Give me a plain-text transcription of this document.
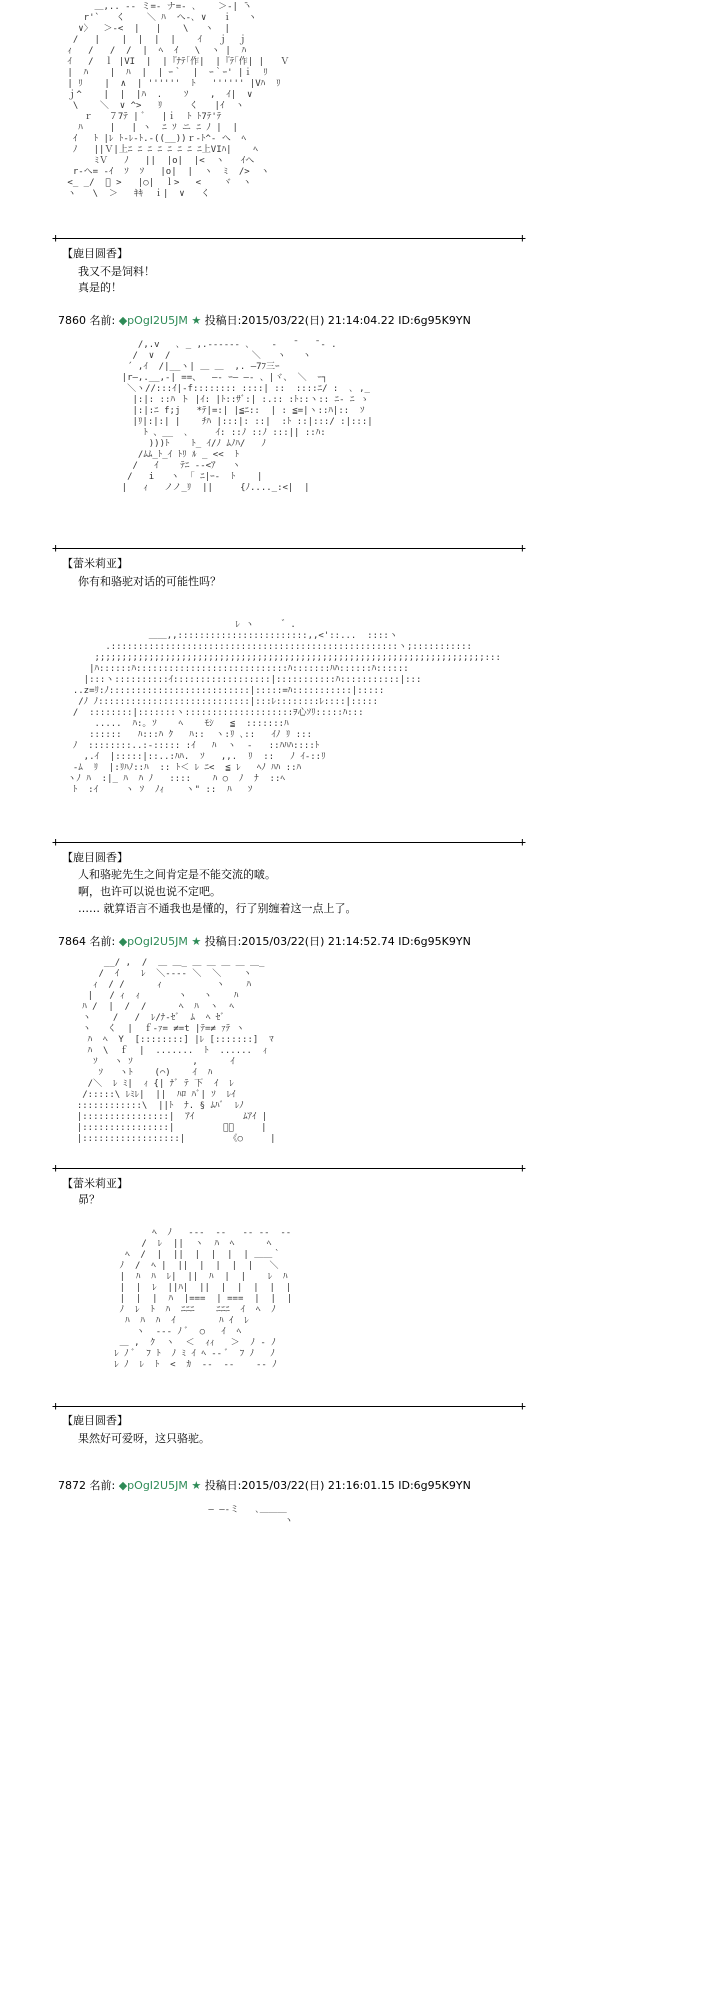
＿,.. -‐ ミ=- ナ=- ､    ＞-| ̄ヽ
r'`   く    ＼ ﾊ  へ-､ ∨   ｉ   ヽ
∨〉  ＞-<  |   |    \   ヽ  |
/   |    |  |  |  |    ｲ   ｊ  ｊ
ｨ   /   /  /  |  ﾍ  ｲ   \  ヽ |  ﾊ
ｲ   /  ｌ |VI  |  |『ﾅﾃ｢作|  |『ﾃ｢作| |   Ｖ
|  ﾊ    |  ﾊ  |  | ｰ｀  |  ｰ｀ｰ' |ｉ  ﾘ
| ﾘ    |  ∧  | ''''''  ﾄ   '''''' |Vﾊ  ﾘ
ｊ^    |  |  |ﾊ  .    ｿ    ,  ｲ|  ∨
\    ＼  ∨ ^>   ﾘ     く   |ｲ  ヽ
ｒ   ７7ﾃ | ﾞ   |ｉ  ﾄ ﾄ7ﾃ'ﾃ
ﾊ     |   | ヽ  ﾆ ｿ ニ ﾆ ﾉ |  |
ｲ   ﾄ |ﾚ ﾄ-ﾚ-ﾄ.-((__))ｒ-ﾄ^- へ  ﾍ
ﾉ   ||Ｖ|上ﾆ ﾆ ﾆ ﾆ ﾆ ﾆ ﾆ ﾆ上VIﾊ|    ﾍ
ﾐＶ   ﾉ   ||  |o|  |<  ヽ   ｲへ
r-へ= -ｲ  ｿ  ｿ   |o|  |  ヽ  ﾐ  />  ヽ
<_ _/  ﾞ >   |○|  ｌ>   <    ヾ  ヽ
ヽ   \  ＞   ｷｷ  ｉ|  ∨   く
+	+
【鹿目圆香】
我又不是饲料！
真是的！
7860 名前: ◆pOgI2U5JM ★ 投稿日:2015/03/22(日) 21:14:04.22 ID:6g95K9YN
/,.v   ､ _ ,.-‐‐‐‐- ､    ‐   ̄    ̄ - .
/  ∨  /               ＼   ヽ   ヽ
´ ,ｲ  /|__ヽ| ＿ ＿  ,. ―7ﾌ三ｰ
|r―,.__,-| ==、  ―‐ ｰ― ―‐ 、|ヾ、 ＼  ｰ┐
＼ヽ//:::ｲ|-f:::::::: ::::| ::  ::::ﾆ/ :  ､ ,_
|:|: ::ﾊ ト |ｲ: |ﾄ::ｻﾞ:| :.:: :ﾄ::ヽ:: ﾆ- ﾆ ゝ
|:|:ﾆ f;j   *ﾃ|=:| |≦ﾆ::  | : ≦=|ヽ::ﾊ|::  ｿ
|ﾘ|:|:| |    ﾁﾊ |:::|: ::|  :ﾄ ::|:::/ :|:::|
ﾄ 、__  ､     ｲ: ::ﾉ ::ﾉ :::|| ::ﾊ:
)))ﾄ    ﾄ_ ｲ/ﾉ ﾑﾉﾊ/   ﾉ
/ﾑﾑ_ﾄ_ｲ ﾄﾘ ﾙ _ <<  ﾄ
/   ｲ    ﾃﾆ -‐<ｱ   ヽ
/   i   ヽ  ｢ ﾆ|ｰ‐  ﾄ    |
|   ｨ   ノノ_ﾘ  ||     {ﾉ...._:<|  |
+	+
【蕾米莉亚】
你有和骆驼对话的可能性吗？
ﾚ ヽ     ゛.
＿＿,,::::::::::::::::::::::::,,<'::...  ::::ヽ
.:::::::::::::::::::::::::::::::::::::::::::::::::::::ヽ;:::::::::::
;;;;;;;;;;;;;;;;;;;;;;;;;;;;;;;;;;;;;;;;;;;;;;;;;;;;;;;;;;;;;;;;;;;;;;;;:::
|ﾊ::::::ﾊ::::::::::::::::::::::::::::ﾊ:::::::ﾊﾊ::::::ﾊ::::::
|:::ヽ::::::::::ｲ::::::::::::::::::|:::::::::::ﾊ:::::::::::|:::
..z=ﾘ:ﾉ::::::::::::::::::::::::::|:::::=ﾊ:::::::::::|:::::
/ﾉ ﾉ::::::::::::::::::::::::::::|:::ﾚ::::::::ﾚ::::|:::::
/  ::::::::|:::::::ヽ::::::::::::::::::::ｦ心ｿﾘ:::::ﾊ:::
.....  ﾊ:｡ ｿ    ﾍ    ﾓｼ   ≦  :::::::ﾊ
::::::   ﾊ:::ﾊ ｸ   ﾊ::  ヽ:ﾘ ､::   ｲﾉ ﾘ :::
ﾉ  ::::::::..:-::::: :ｲ   ﾊ  ヽ  ‐   ::ﾊﾊﾊ::::ﾄ
,.ｲ  |:::::|::..:ﾊﾊ.  ｿ   ,,.  ﾘ  ::   ﾉ ｲ-::ﾘ
-ﾑ  ﾘ  |:ﾘﾊﾉ::ﾊ  :: ﾄ＜ ﾚ ﾆ<  ≦ ﾚ   ﾍﾉ ﾊﾊ ::ﾊ
ヽﾉ ﾊ  :|_ ﾊ  ﾊ ﾉ   ::::    ﾊ ○  ﾉ  ﾅ  ::ﾍ
ﾄ  :ｲ     ヽ ｿ  ﾉｨ    ヽ" ::  ﾊ   ｿ
+	+
【鹿目圆香】
人和骆驼先生之间肯定是不能交流的啵。
啊，也许可以说也说不定吧。
…… 就算语言不通我也是懂的，行了别缠着这一点上了。
7864 名前: ◆pOgI2U5JM ★ 投稿日:2015/03/22(日) 21:14:52.74 ID:6g95K9YN
__/ ,  /  ＿ ＿_ ＿ ＿ ＿ ＿ ＿_
/  ｲ    ﾚ  ＼‐‐‐‐ ＼  ＼    ヽ
ｨ  / /      ｨ          ヽ    ﾊ
|   / ｨ  ｨ       ヽ   ヽ    ﾊ
ﾊ /  |  /  /      ﾍ  ﾊ  ヽ  ﾍ
ヽ    /   /  ﾚ/ﾅ-ｾﾞ  ﾑ  ﾍ ｾﾞ
ヽ   く  |  ｆ-ｧ= ≠=t |ﾃ=≠ ｧﾃ ヽ
ﾊ  ﾍ  Y  [::::::::] |ﾚ [:::::::]  ﾏ
ﾊ  \  ｆ  |  .......  ﾄ  ......  ｨ
ｿ   ヽ ｿ           ,      ｲ
ｿ   ヽﾄ    (⌒)    ｲ  ﾊ
/＼  ﾚ ﾐ|  ｨ {| ﾅﾞ ﾃ 下  ｲ  ﾚ
/:::::\ ﾚﾐﾚ|  ||  ﾊﾛ ﾊﾞ| ｿ  ﾚｲ
::::::::::::\  ||ﾄ  ﾅ. § ﾑﾊﾞ  ﾚﾉ
|::::::::::::::::|  ｱｲ         ﾑｱｲ |
|::::::::::::::::|         ﾞﾞ     |
|::::::::::::::::::|        《○     |
+	+
【蕾米莉亚】
昴？
ﾍ  ﾉ   ‐‐‐  ‐‐   ‐‐ ‐‐  ‐‐
/  ﾚ  ||  ヽ  ﾊ  ﾍ      ﾍ
ﾍ  /  |  ||  |  |  |  | ＿＿｀
ﾉ  /  ﾍ |  ||  |  |  |  |   ＼
|  ﾊ  ﾊ  ﾚ|  ||  ﾊ  |  |    ﾚ  ﾊ
|  |  ﾚ  ||ﾊ|  ||  |  |  |  |  |
|  |  |  ﾊ  |===  | ===  |  |  |
ﾉ  ﾚ  ﾄ  ﾊ  ﾆﾆﾆ    ﾆﾆﾆ  ｲ  ﾍ  ﾉ
ﾊ  ﾊ  ﾊ  ｲ        ﾊ ｲ  ﾚ
ヽ  ‐-- ﾉ ﾞ  ○   ｲ  ﾍ
＿ ,  ｸ  ヽ  ＜  ｨｨ   ＞  ﾉ ‐ ﾉ
ﾚ ﾉ ﾞ  ﾌ ﾄ  ﾉ ﾐ ｲ ﾍ ‐‐ ﾞ  ﾌ ﾉ   ﾉ
ﾚ ﾉ  ﾚ  ﾄ  <  ｶ  ‐‐  ‐‐    ‐‐ ﾉ
+	+
【鹿目圆香】
果然好可爱呀，这只骆驼。
7872 名前: ◆pOgI2U5JM ★ 投稿日:2015/03/22(日) 21:16:01.15 ID:6g95K9YN
― ―‐ミ   ､＿＿＿
ヽ
